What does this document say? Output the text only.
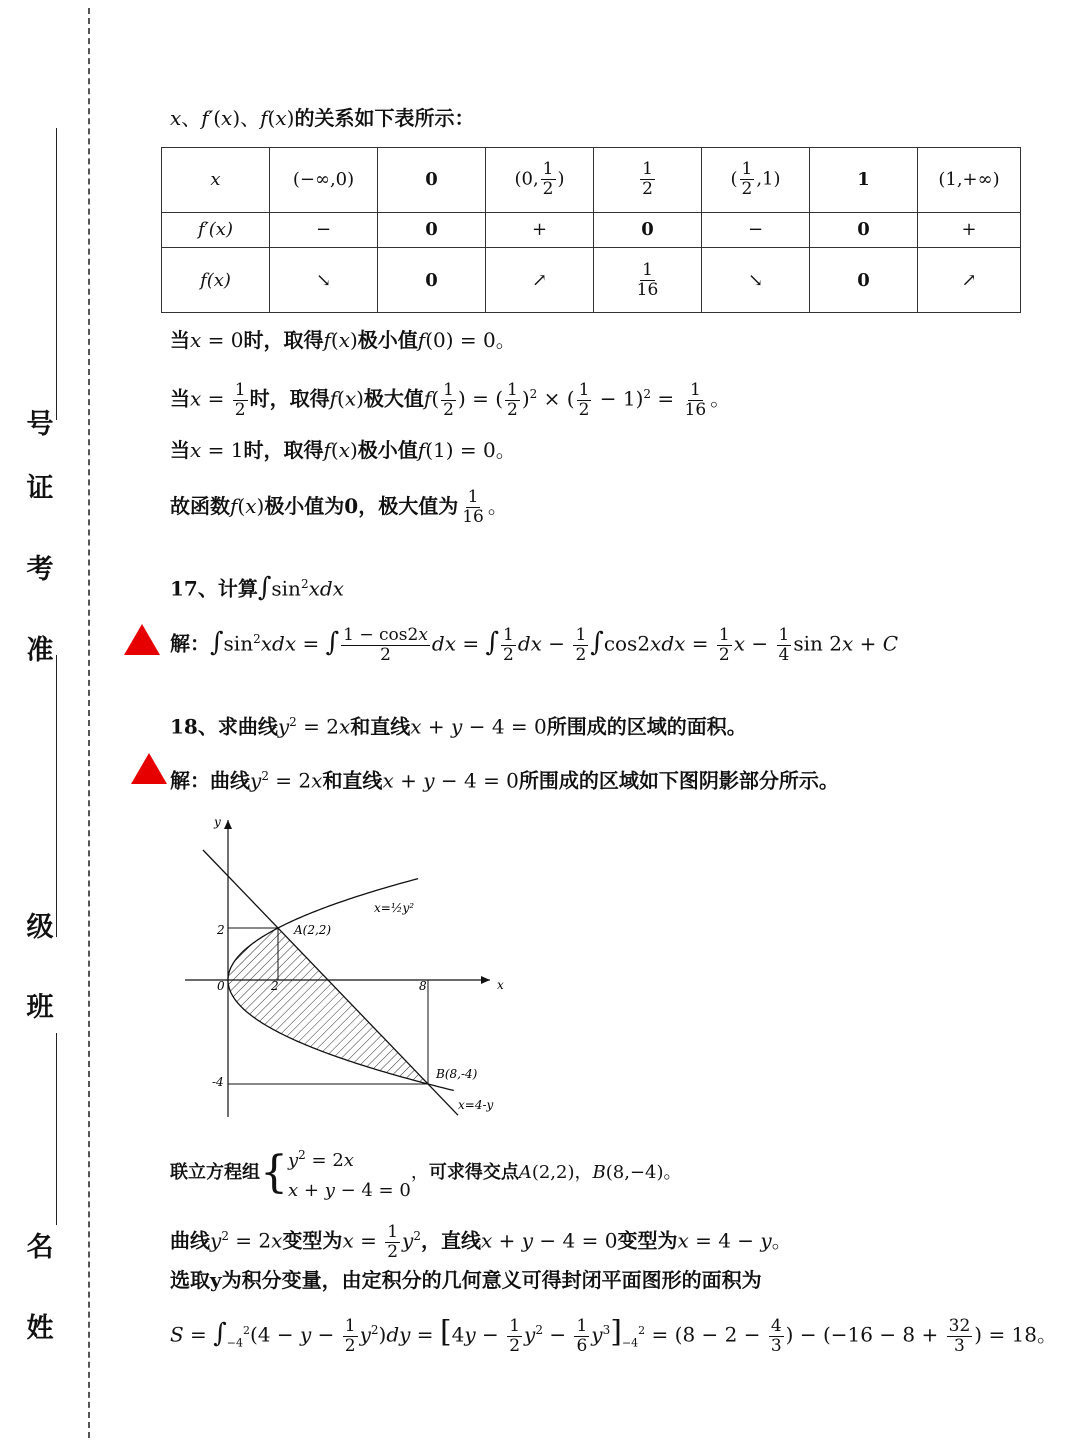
号
证
考
准
级
班
名
姓
x、f′(x)、f(x)的关系如下表所示：
x	(−∞,0)	0	(0, $\frac{1}{2}$ )	$\frac{1}{2}$	( $\frac{1}{2} ,1$)	1	(1,+∞)
f′(x)	−	0	+	0	−	0	+
f(x)	↘	0	↗	$\frac{1}{16}$	↘	0	↗
当x = 0时，取得f(x)极小值f(0) = 0。
当$x = \frac{1}{2}$ 时，取得f(x)极大值$f( \frac{1}{2}$ ) = ( $\frac{1}{2} )^2$ × ( $\frac{1}{2} - 1)^2 = \frac{1}{16}$ 。
当x = 1时，取得f(x)极小值f(1) = 0。
故函数f(x)极小值为0，极大值为 $\frac{1}{16}$ 。
17、计算$\int\sin^2xdx$
解：$\int\sin^2xdx$ = ∫ $\frac{1 - \cos 2x}{2}$ dx = ∫ $\frac{1}{2}$ dx − $\frac{1}{2} \int\cos 2xdx = \frac{1}{2}$ $x - \frac{1}{4}$ sin 2x + C
18、求曲线$y^2 = 2x$和直线x + y − 4 = 0所围成的区域的面积。
解：曲线$y^2 = 2x$和直线x + y − 4 = 0所围成的区域如下图阴影部分所示。
y
x
0
2
-4
2	8
A(2,2)
B(8,-4)
x=½y²
x=4-y
联立方程组{ $y^2 = 2x$
x + y − 4 = 0
，可求得交点A(2,2)，B(8,−4)。
曲线$y^2 = 2x$变型为$x = \frac{1}{2} y^2$，直线x + y − 4 = 0变型为x = 4 − y。
选取y为积分变量，由定积分的几何意义可得封闭平面图形的面积为
$S = \int_{-4}^2(4 - y - \frac{1}{2} y^2)dy = [4y - \frac{1}{2} y^2 - \frac{1}{6} y^3]_{-4}^2 = (8 - 2 - \frac{4}{3}$ ) − ($-16 - 8 + \frac{32}{3}$ ) = 18。
